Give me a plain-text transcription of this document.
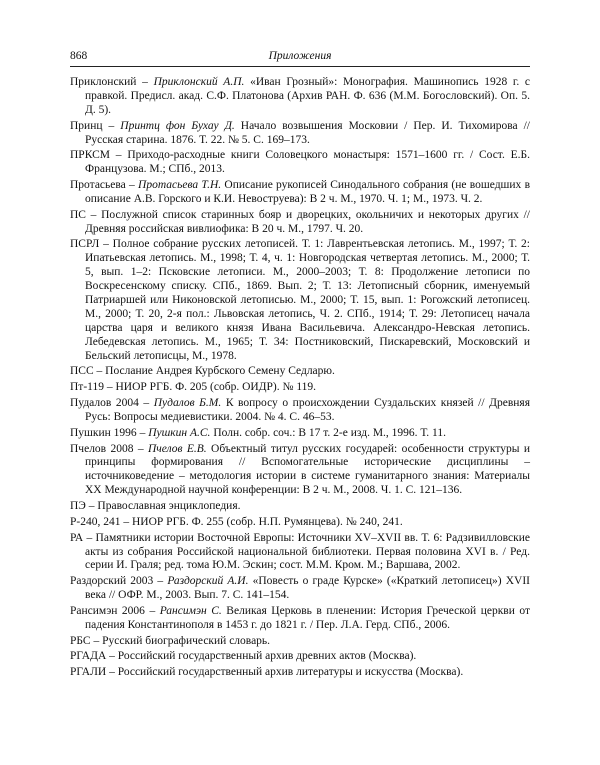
868	Приложения

Приклонский – Приклонский А.П. «Иван Грозный»: Монография. Машинопись 1928 г. с правкой. Предисл. акад. С.Ф. Платонова (Архив РАН. Ф. 636 (М.М. Богословский). Оп. 5. Д. 5).

Принц – Принтц фон Бухау Д. Начало возвышения Московии / Пер. И. Тихомирова // Русская старина. 1876. Т. 22. № 5. С. 169–173.

ПРКСМ – Приходо-расходные книги Соловецкого монастыря: 1571–1600 гг. / Сост. Е.Б. Французова. М.; СПб., 2013.

Протасьева – Протасьева Т.Н. Описание рукописей Синодального собрания (не вошедших в описание А.В. Горского и К.И. Невоструева): В 2 ч. М., 1970. Ч. 1; М., 1973. Ч. 2.

ПС – Послужной список старинных бояр и дворецких, окольничих и некоторых других // Древняя российская вивлиофика: В 20 ч. М., 1797. Ч. 20.

ПСРЛ – Полное собрание русских летописей. Т. 1: Лаврентьевская летопись. М., 1997; Т. 2: Ипатьевская летопись. М., 1998; Т. 4, ч. 1: Новгородская четвертая летопись. М., 2000; Т. 5, вып. 1–2: Псковские летописи. М., 2000–2003; Т. 8: Продолжение летописи по Воскресенскому списку. СПб., 1869. Вып. 2; Т. 13: Летописный сборник, именуемый Патриаршей или Никоновской летописью. М., 2000; Т. 15, вып. 1: Рогожский летописец. М., 2000; Т. 20, 2-я пол.: Львовская летопись, Ч. 2. СПб., 1914; Т. 29: Летописец начала царства царя и великого князя Ивана Васильевича. Александро-Невская летопись. Лебедевская летопись. М., 1965; Т. 34: Постниковский, Пискаревский, Московский и Бельский летописцы, М., 1978.

ПСС – Послание Андрея Курбского Семену Седларю.

Пт-119 – НИОР РГБ. Ф. 205 (собр. ОИДР). № 119.

Пудалов 2004 – Пудалов Б.М. К вопросу о происхождении Суздальских князей // Древняя Русь: Вопросы медиевистики. 2004. № 4. С. 46–53.

Пушкин 1996 – Пушкин А.С. Полн. собр. соч.: В 17 т. 2-е изд. М., 1996. Т. 11.

Пчелов 2008 – Пчелов Е.В. Объектный титул русских государей: особенности структуры и принципы формирования // Вспомогательные исторические дисциплины – источниковедение – методология истории в системе гуманитарного знания: Материалы XX Международной научной конференции: В 2 ч. М., 2008. Ч. 1. С. 121–136.

ПЭ – Православная энциклопедия.

Р-240, 241 – НИОР РГБ. Ф. 255 (собр. Н.П. Румянцева). № 240, 241.

РА – Памятники истории Восточной Европы: Источники XV–XVII вв. Т. 6: Радзивилловские акты из собрания Российской национальной библиотеки. Первая половина XVI в. / Ред. серии И. Граля; ред. тома Ю.М. Эскин; сост. М.М. Кром. М.; Варшава, 2002.

Раздорский 2003 – Раздорский А.И. «Повесть о граде Курске» («Краткий летописец») XVII века // ОФР. М., 2003. Вып. 7. С. 141–154.

Рансимэн 2006 – Рансимэн С. Великая Церковь в пленении: История Греческой церкви от падения Константинополя в 1453 г. до 1821 г. / Пер. Л.А. Герд. СПб., 2006.

РБС – Русский биографический словарь.

РГАДА – Российский государственный архив древних актов (Москва).

РГАЛИ – Российский государственный архив литературы и искусства (Москва).
